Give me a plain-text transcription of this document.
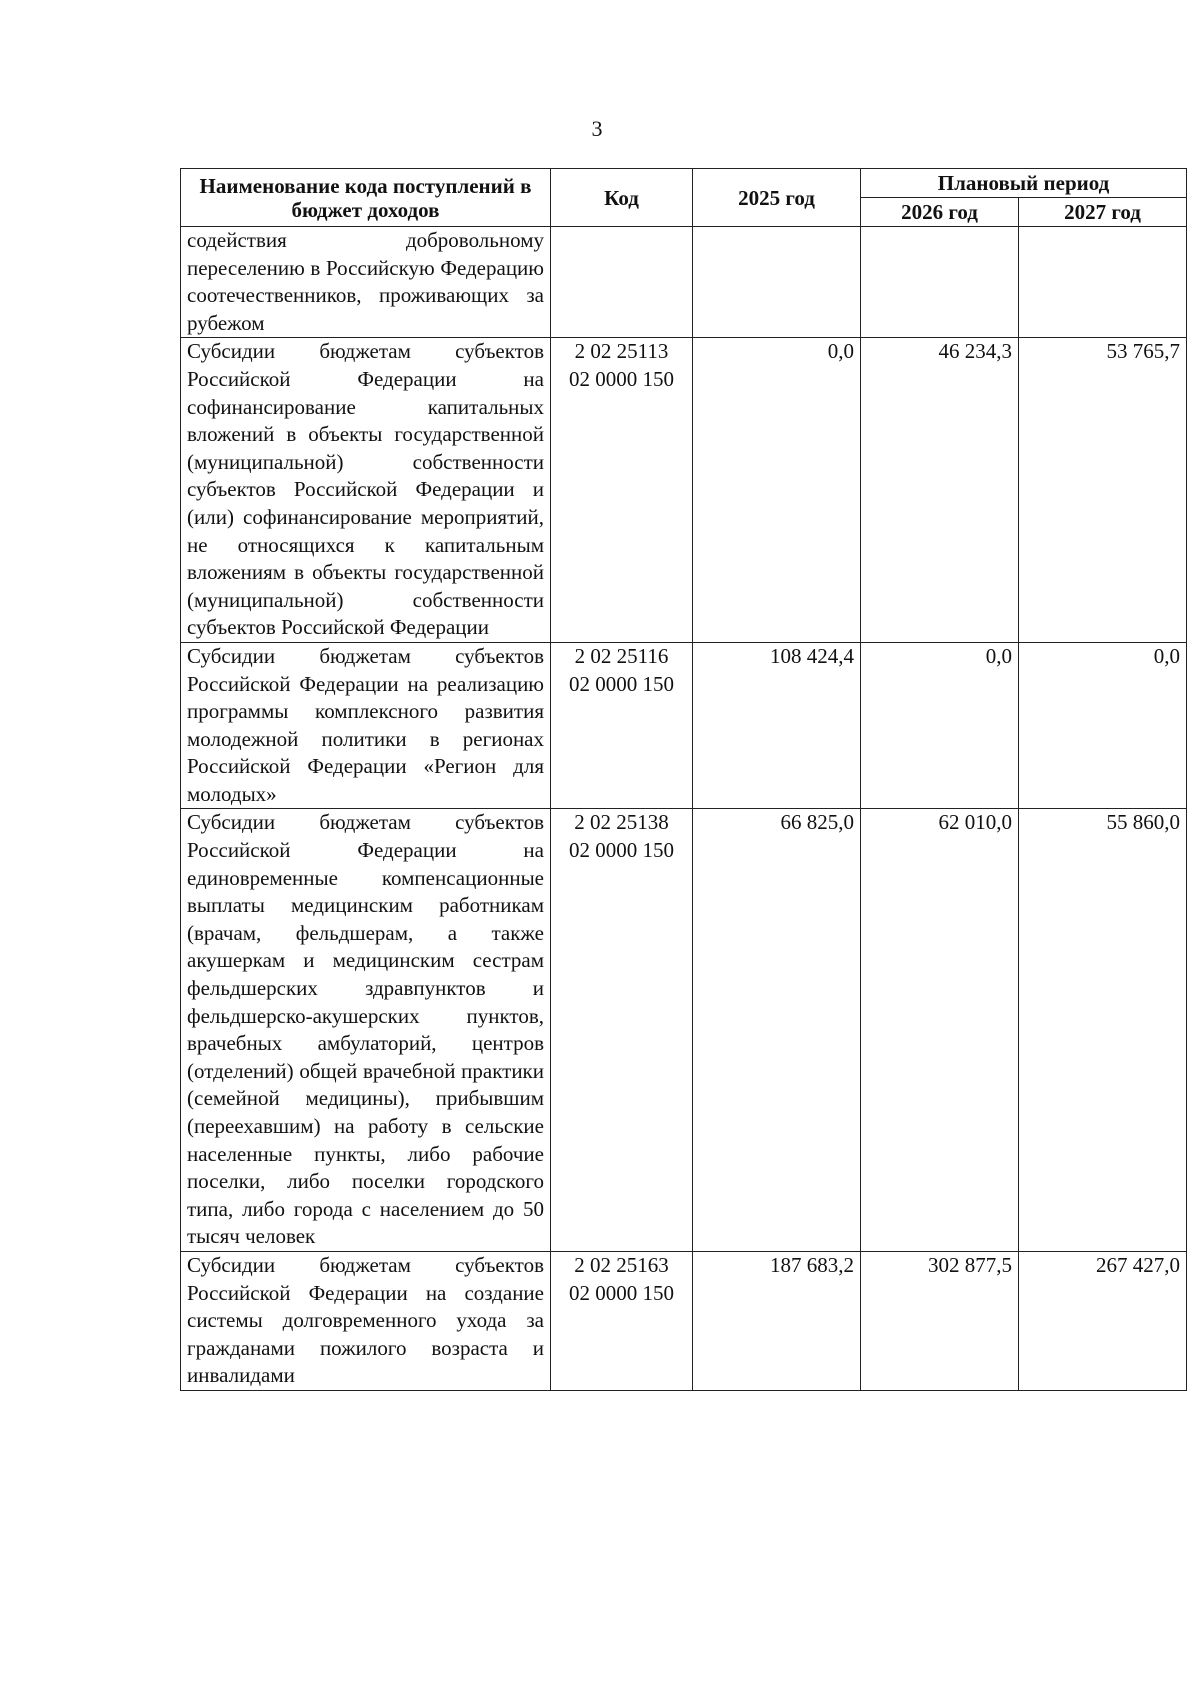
3
Наименование кода поступлений в бюджет доходов	Код	2025 год	Плановый период	
			2026 год	2027 год
содействия добровольному переселению в Российскую Федерацию соотечественников, проживающих за рубежом	

Субсидии бюджетам субъектов Российской Федерации на софинансирование капитальных вложений в объекты государственной (муниципальной) собственности субъектов Российской Федерации и (или) софинансирование мероприятий, не относящихся к капитальным вложениям в объекты государственной (муниципальной) собственности субъектов Российской Федерации	2 02 25113
02 0000 150	0,0	46 234,3	53 765,7
Субсидии бюджетам субъектов Российской Федерации на реализацию программы комплексного развития молодежной политики в регионах Российской Федерации «Регион для молодых»	2 02 25116
02 0000 150	108 424,4	0,0	0,0
Субсидии бюджетам субъектов Российской Федерации на единовременные компенсационные выплаты медицинским работникам (врачам, фельдшерам, а также акушеркам и медицинским сестрам фельдшерских здравпунктов и фельдшерско-акушерских пунктов, врачебных амбулаторий, центров (отделений) общей врачебной практики (семейной медицины), прибывшим (переехавшим) на работу в сельские населенные пункты, либо рабочие поселки, либо поселки городского типа, либо города с населением до 50 тысяч человек	2 02 25138
02 0000 150	66 825,0	62 010,0	55 860,0
Субсидии бюджетам субъектов Российской Федерации на создание системы долговременного ухода за гражданами пожилого возраста и инвалидами	2 02 25163
02 0000 150	187 683,2	302 877,5	267 427,0
